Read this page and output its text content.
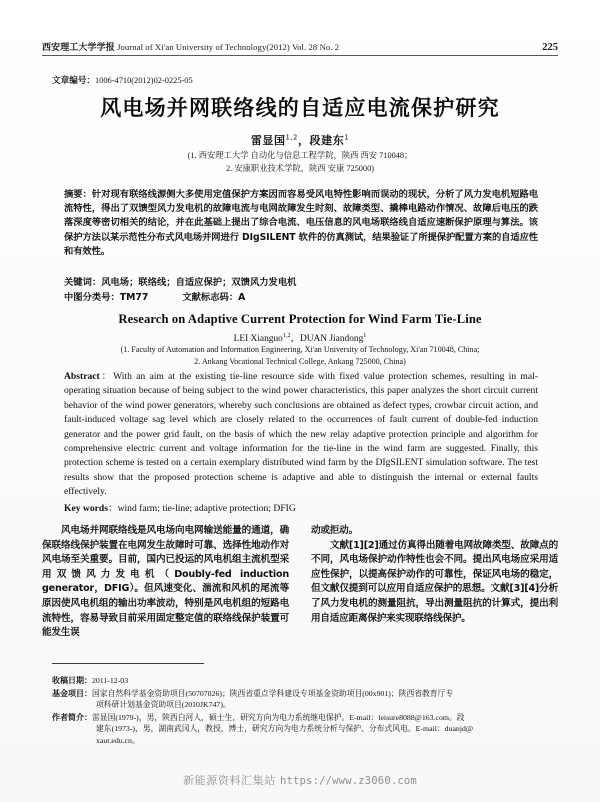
西安理工大学学报 Journal of Xi'an University of Technology(2012) Vol. 28 No. 2	225
文章编号：1006-4710(2012)02-0225-05
风电场并网联络线的自适应电流保护研究
雷显国$^{1,2}$，段建东$^1$
(1. 西安理工大学 自动化与信息工程学院，陕西 西安 710048；
2. 安康职业技术学院，陕西 安康 725000)
摘要：针对现有联络线源侧大多使用定值保护方案因而容易受风电特性影响而误动的现状，分析了风力发电机短路电流特性，得出了双馈型风力发电机的故障电流与电网故障发生时刻、故障类型、撬棒电路动作情况、故障后电压的跌落深度等密切相关的结论，并在此基础上提出了综合电流、电压信息的风电场联络线自适应速断保护原理与算法。该保护方法以某示范性分布式风电场并网进行 DIgSILENT 软件的仿真测试，结果验证了所提保护配置方案的自适应性和有效性。
关键词：风电场；联络线；自适应保护；双馈风力发电机
中图分类号：TM77	文献标志码：A
Research on Adaptive Current Protection for Wind Farm Tie-Line
LEI Xianguo$^{1,2}$，DUAN Jiandong$^1$
(1. Faculty of Automation and Information Engineering, Xi'an University of Technology, Xi'an 710048, China;
2. Ankang Vocational Technical College, Ankang 725000, China)
Abstract：With an aim at the existing tie-line resource side with fixed value protection schemes, resulting in mal-operating situation because of being subject to the wind power characteristics, this paper analyzes the short circuit current behavior of the wind power generators, whereby such conclusions are obtained as defect types, crowbar circuit action, and fault-induced voltage sag level which are closely related to the occurrences of fault current of double-fed induction generator and the power grid fault, on the basis of which the new relay adaptive protection principle and algorithm for comprehensive electric current and voltage information for the tie-line in the wind farm are suggested. Finally, this protection scheme is tested on a certain exemplary distributed wind farm by the DIgSILENT simulation software. The test results show that the proposed protection scheme is adaptive and able to distinguish the internal or external faults effectively.
Key words：wind farm; tie-line; adaptive protection; DFIG

风电场并网联络线是风电场向电网输送能量的通道，确保联络线保护装置在电网发生故障时可靠、选择性地动作对风电场至关重要。目前，国内已投运的风电机组主流机型采用双馈风力发电机（Doubly-fed induction generator，DFIG）。但风速变化、湍流和风机的尾流等原因使风电机组的输出功率波动，特别是风电机组的短路电流特性，容易导致目前采用固定整定值的联络线保护装置可能发生误

动或拒动。

文献[1][2]通过仿真得出随着电网故障类型、故障点的不同，风电场保护动作特性也会不同。提出风电场应采用适应性保护，以提高保护动作的可靠性，保证风电场的稳定，但文献仅提到可以应用自适应保护的思想。文献[3][4]分析了风力发电机的测量阻抗，导出测量阻抗的计算式，提出利用自适应距离保护来实现联络线保护。

收稿日期：2011-12-03
基金项目：国家自然科学基金资助项目(50707026)；陕西省重点学科建设专项基金资助项目(00x901)；陕西省教育厅专
项科研计划基金资助项目(2010JK747)。
作者简介：雷显国(1979-)，男，陕西白河人，硕士生，研究方向为电力系统继电保护。E-mail：leisure8088@163.com。段
建东(1973-)，男，湖南武冈人，教授，博士，研究方向为电力系统分析与保护、分布式风电。E-mail：duanjd@
xaut.edu.cn。
新能源资料汇集站 https://www.z3060.com
